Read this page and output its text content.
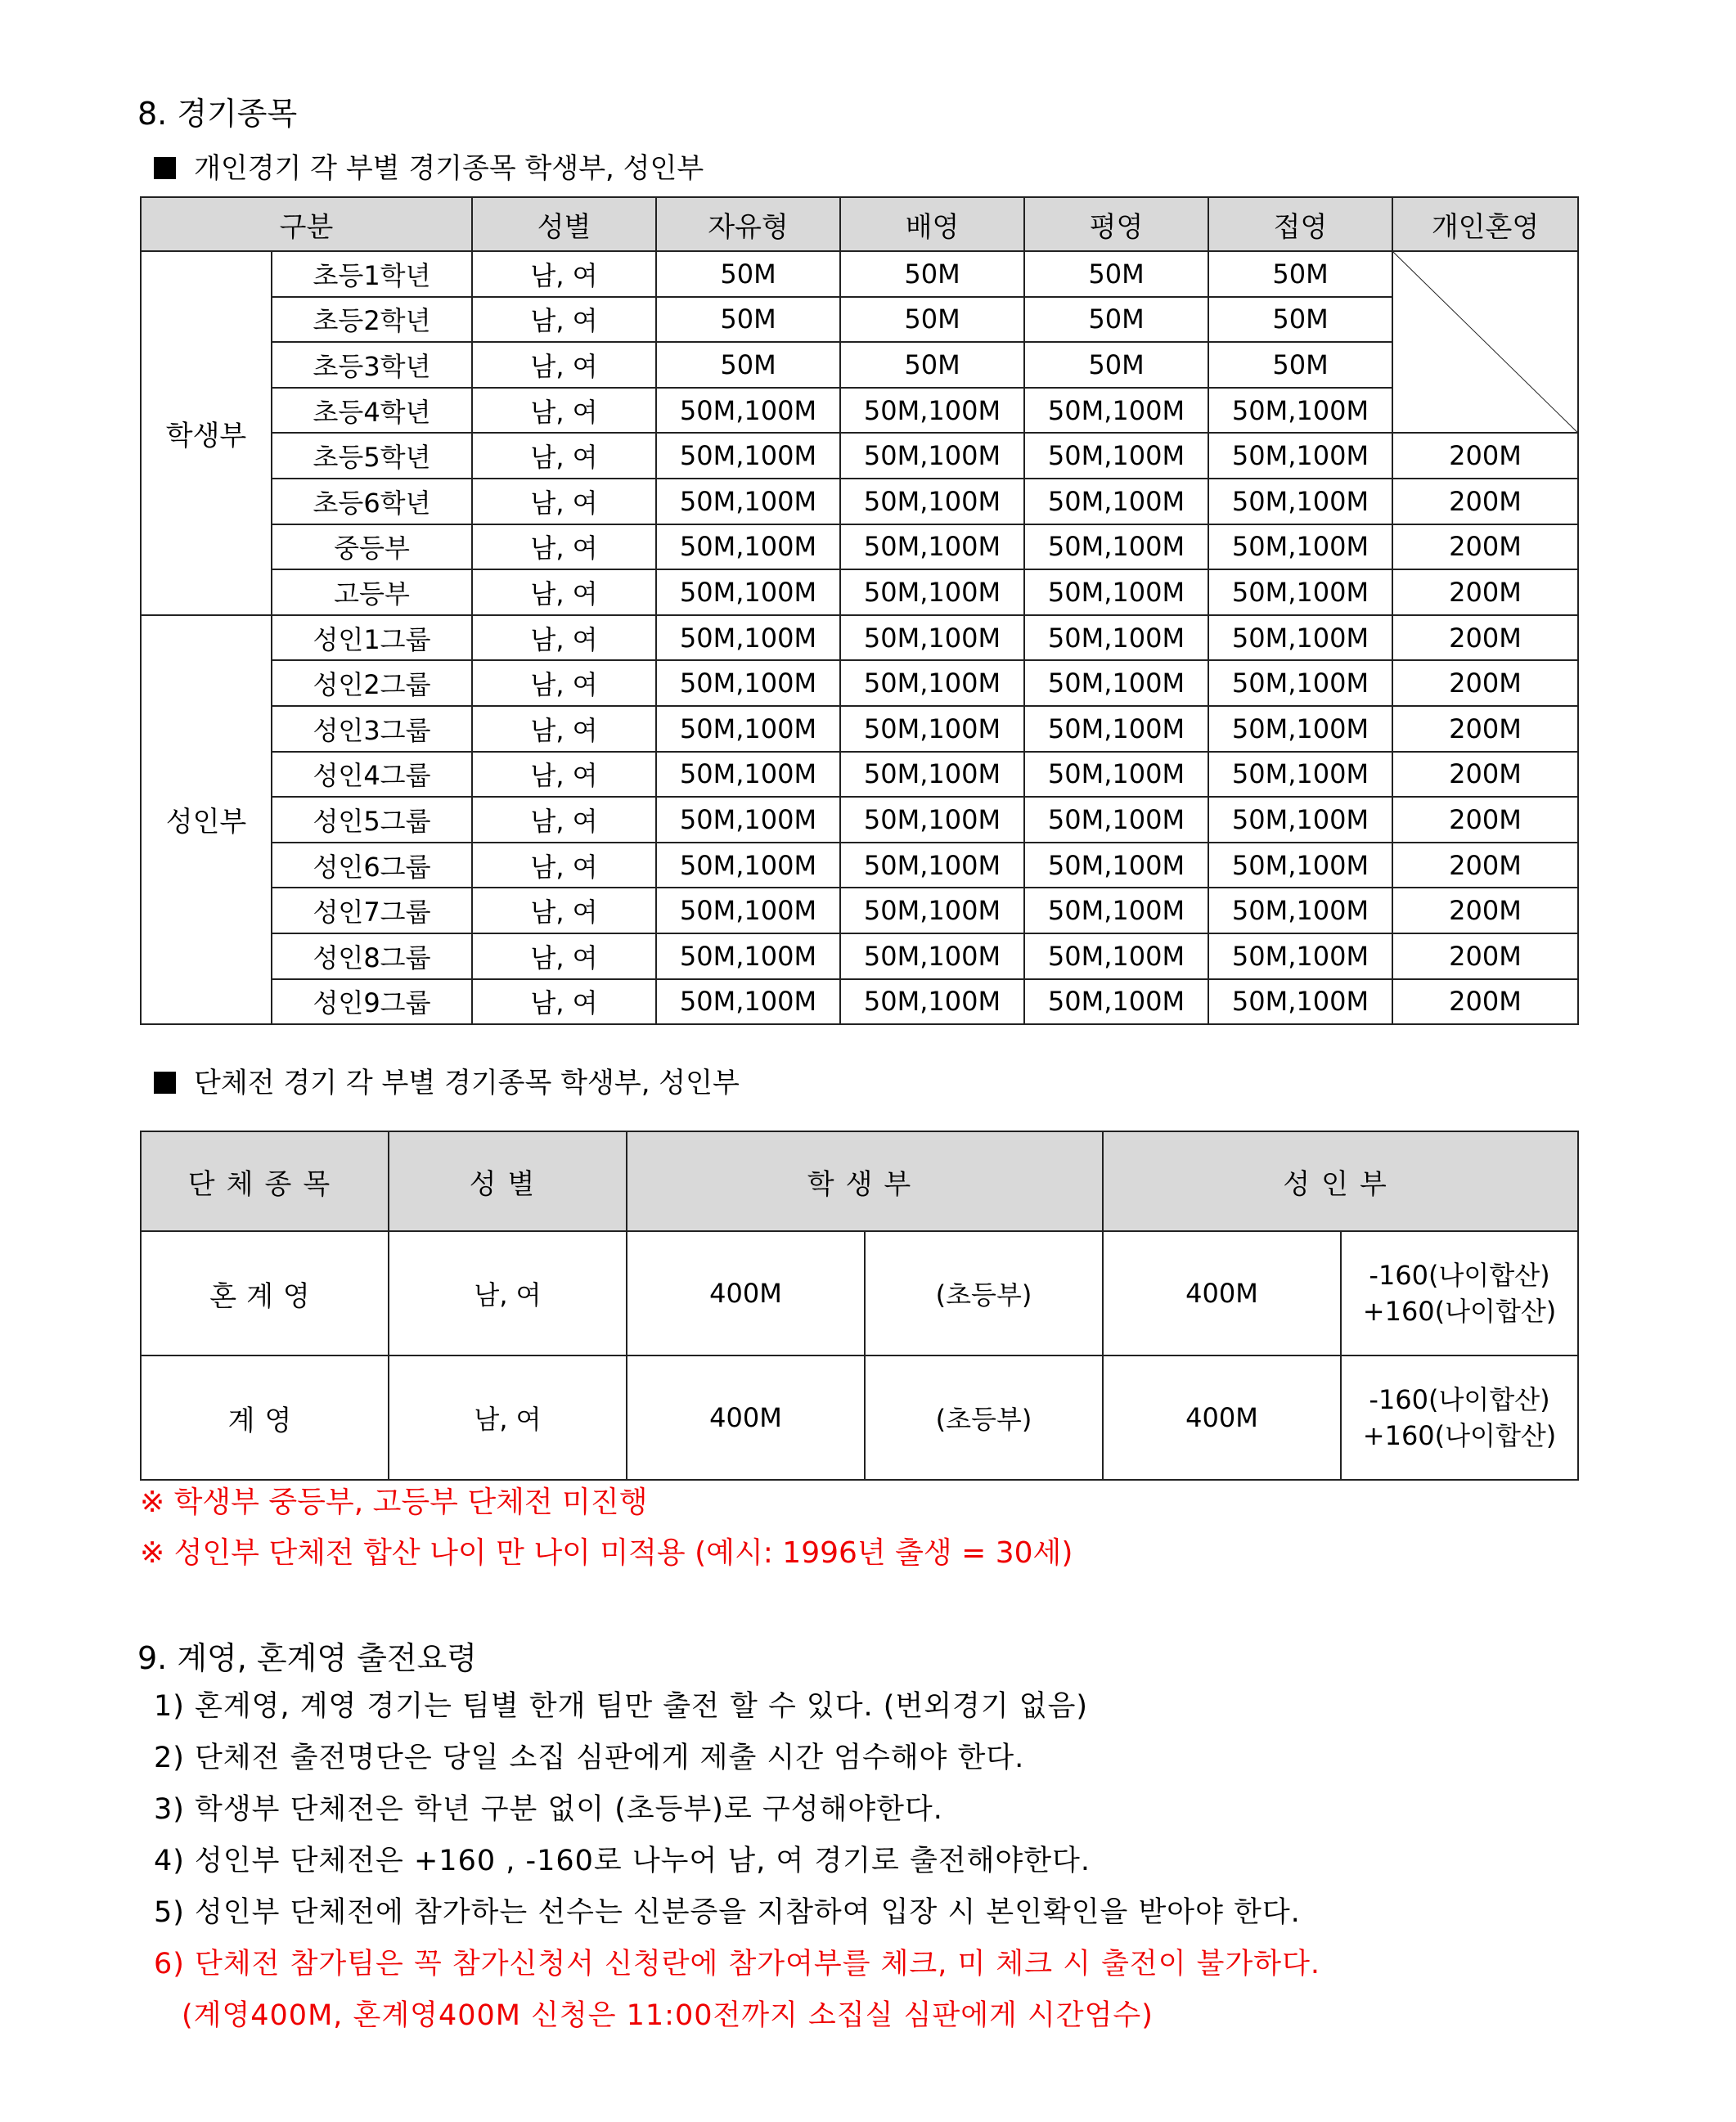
8. 경기종목
개인경기 각 부별 경기종목 학생부, 성인부
구분		성별	자유형	배영	평영	접영	개인혼영
학생부	초등1학년	남, 여	50M	50M	50M	50M	

	초등2학년	남, 여	50M	50M	50M	50M	
	초등3학년	남, 여	50M	50M	50M	50M	
	초등4학년	남, 여	50M,100M	50M,100M	50M,100M	50M,100M	
	초등5학년	남, 여	50M,100M	50M,100M	50M,100M	50M,100M	200M
	초등6학년	남, 여	50M,100M	50M,100M	50M,100M	50M,100M	200M
	중등부	남, 여	50M,100M	50M,100M	50M,100M	50M,100M	200M
	고등부	남, 여	50M,100M	50M,100M	50M,100M	50M,100M	200M
성인부	성인1그룹	남, 여	50M,100M	50M,100M	50M,100M	50M,100M	200M
	성인2그룹	남, 여	50M,100M	50M,100M	50M,100M	50M,100M	200M
	성인3그룹	남, 여	50M,100M	50M,100M	50M,100M	50M,100M	200M
	성인4그룹	남, 여	50M,100M	50M,100M	50M,100M	50M,100M	200M
	성인5그룹	남, 여	50M,100M	50M,100M	50M,100M	50M,100M	200M
	성인6그룹	남, 여	50M,100M	50M,100M	50M,100M	50M,100M	200M
	성인7그룹	남, 여	50M,100M	50M,100M	50M,100M	50M,100M	200M
	성인8그룹	남, 여	50M,100M	50M,100M	50M,100M	50M,100M	200M
	성인9그룹	남, 여	50M,100M	50M,100M	50M,100M	50M,100M	200M
단체전 경기 각 부별 경기종목 학생부, 성인부
단체종목	성별	학생부		성인부	
혼계영	남, 여	400M	(초등부)	400M	-160(나이합산)
+160(나이합산)

계영	남, 여	400M	(초등부)	400M	-160(나이합산)
+160(나이합산)
※ 학생부 중등부, 고등부 단체전 미진행
※ 성인부 단체전 합산 나이 만 나이 미적용 (예시: 1996년 출생 = 30세)
9. 계영, 혼계영 출전요령
1) 혼계영, 계영 경기는 팀별 한개 팀만 출전 할 수 있다. (번외경기 없음)
2) 단체전 출전명단은 당일 소집 심판에게 제출 시간 엄수해야 한다.
3) 학생부 단체전은 학년 구분 없이 (초등부)로 구성해야한다.
4) 성인부 단체전은 +160 , -160로 나누어 남, 여 경기로 출전해야한다.
5) 성인부 단체전에 참가하는 선수는 신분증을 지참하여 입장 시 본인확인을 받아야 한다.
6) 단체전 참가팀은 꼭 참가신청서 신청란에 참가여부를 체크, 미 체크 시 출전이 불가하다.
(계영400M, 혼계영400M 신청은 11:00전까지 소집실 심판에게 시간엄수)
